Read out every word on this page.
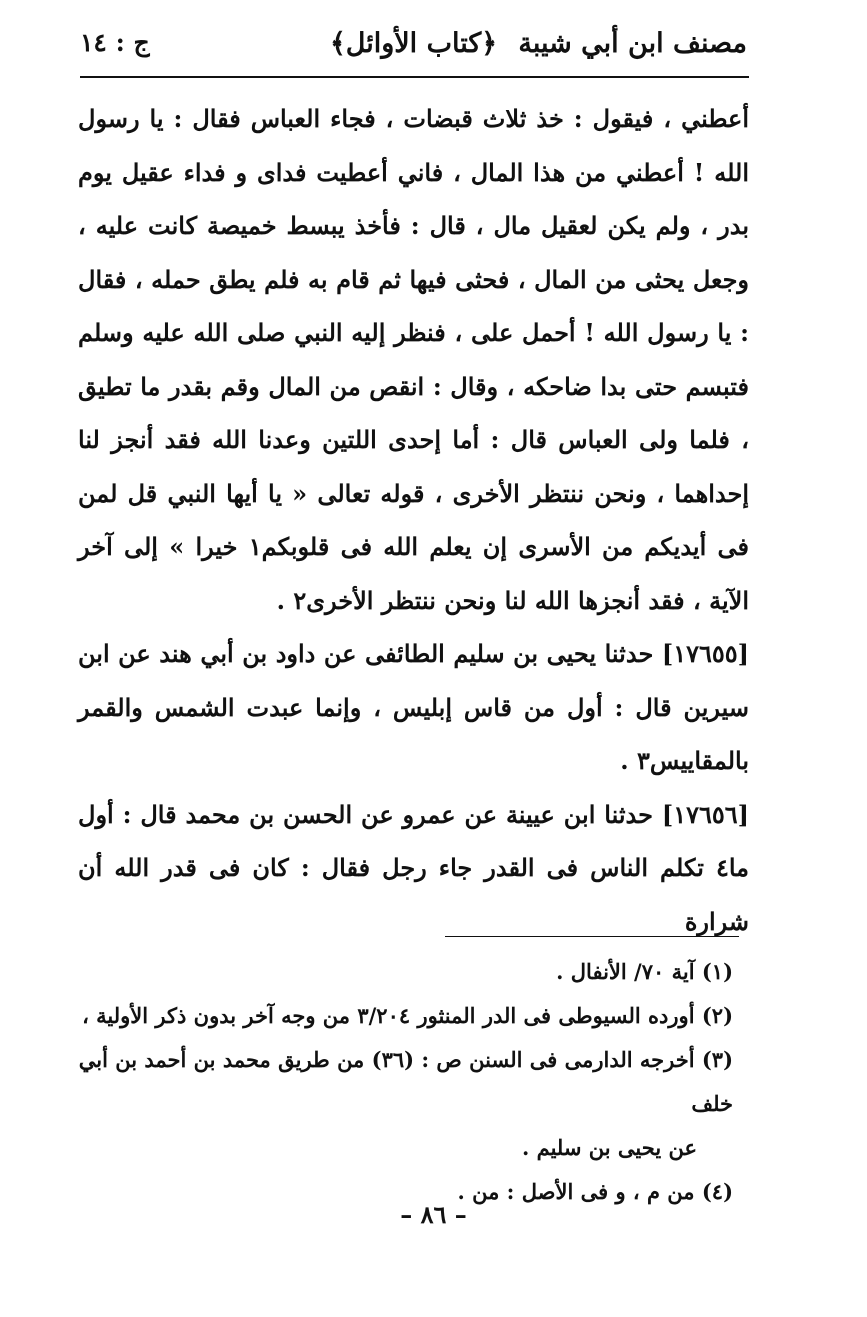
مصنف ابن أبي شيبة
﴿كتاب الأوائل﴾
ج : ١٤

أعطني ، فيقول : خذ ثلاث قبضات ، فجاء العباس فقال : يا رسول الله ! أعطني من هذا المال ، فاني أعطيت فداى و فداء عقيل يوم بدر ، ولم يكن لعقيل مال ، قال : فأخذ يبسط خميصة كانت عليه ، وجعل يحثى من المال ، فحثى فيها ثم قام به فلم يطق حمله ، فقال : يا رسول الله ! أحمل على ، فنظر إليه النبي صلى الله عليه وسلم فتبسم حتى بدا ضاحكه ، وقال : انقص من المال وقم بقدر ما تطيق ، فلما ولى العباس قال : أما إحدى اللتين وعدنا الله فقد أنجز لنا إحداهما ، ونحن ننتظر الأخرى ، قوله تعالى « يا أيها النبي قل لمن فى أيديكم من الأسرى إن يعلم الله فى قلوبكم١ خيرا » إلى آخر الآية ، فقد أنجزها الله لنا ونحن ننتظر الأخرى٢ .

[١٧٦٥٥] حدثنا يحيى بن سليم الطائفى عن داود بن أبي هند عن ابن سيرين قال : أول من قاس إبليس ، وإنما عبدت الشمس والقمر بالمقاييس٣ .

[١٧٦٥٦] حدثنا ابن عيينة عن عمرو عن الحسن بن محمد قال : أول ما٤ تكلم الناس فى القدر جاء رجل فقال : كان فى قدر الله أن شرارة

(١) آية ٧٠/ الأنفال .

(٢) أورده السيوطى فى الدر المنثور ٣/٢٠٤ من وجه آخر بدون ذكر الأولية ،

(٣) أخرجه الدارمى فى السنن ص : (٣٦) من طريق محمد بن أحمد بن أبي خلف
عن يحيى بن سليم .

(٤) من م ، و فى الأصل : من .

– ٨٦ –
